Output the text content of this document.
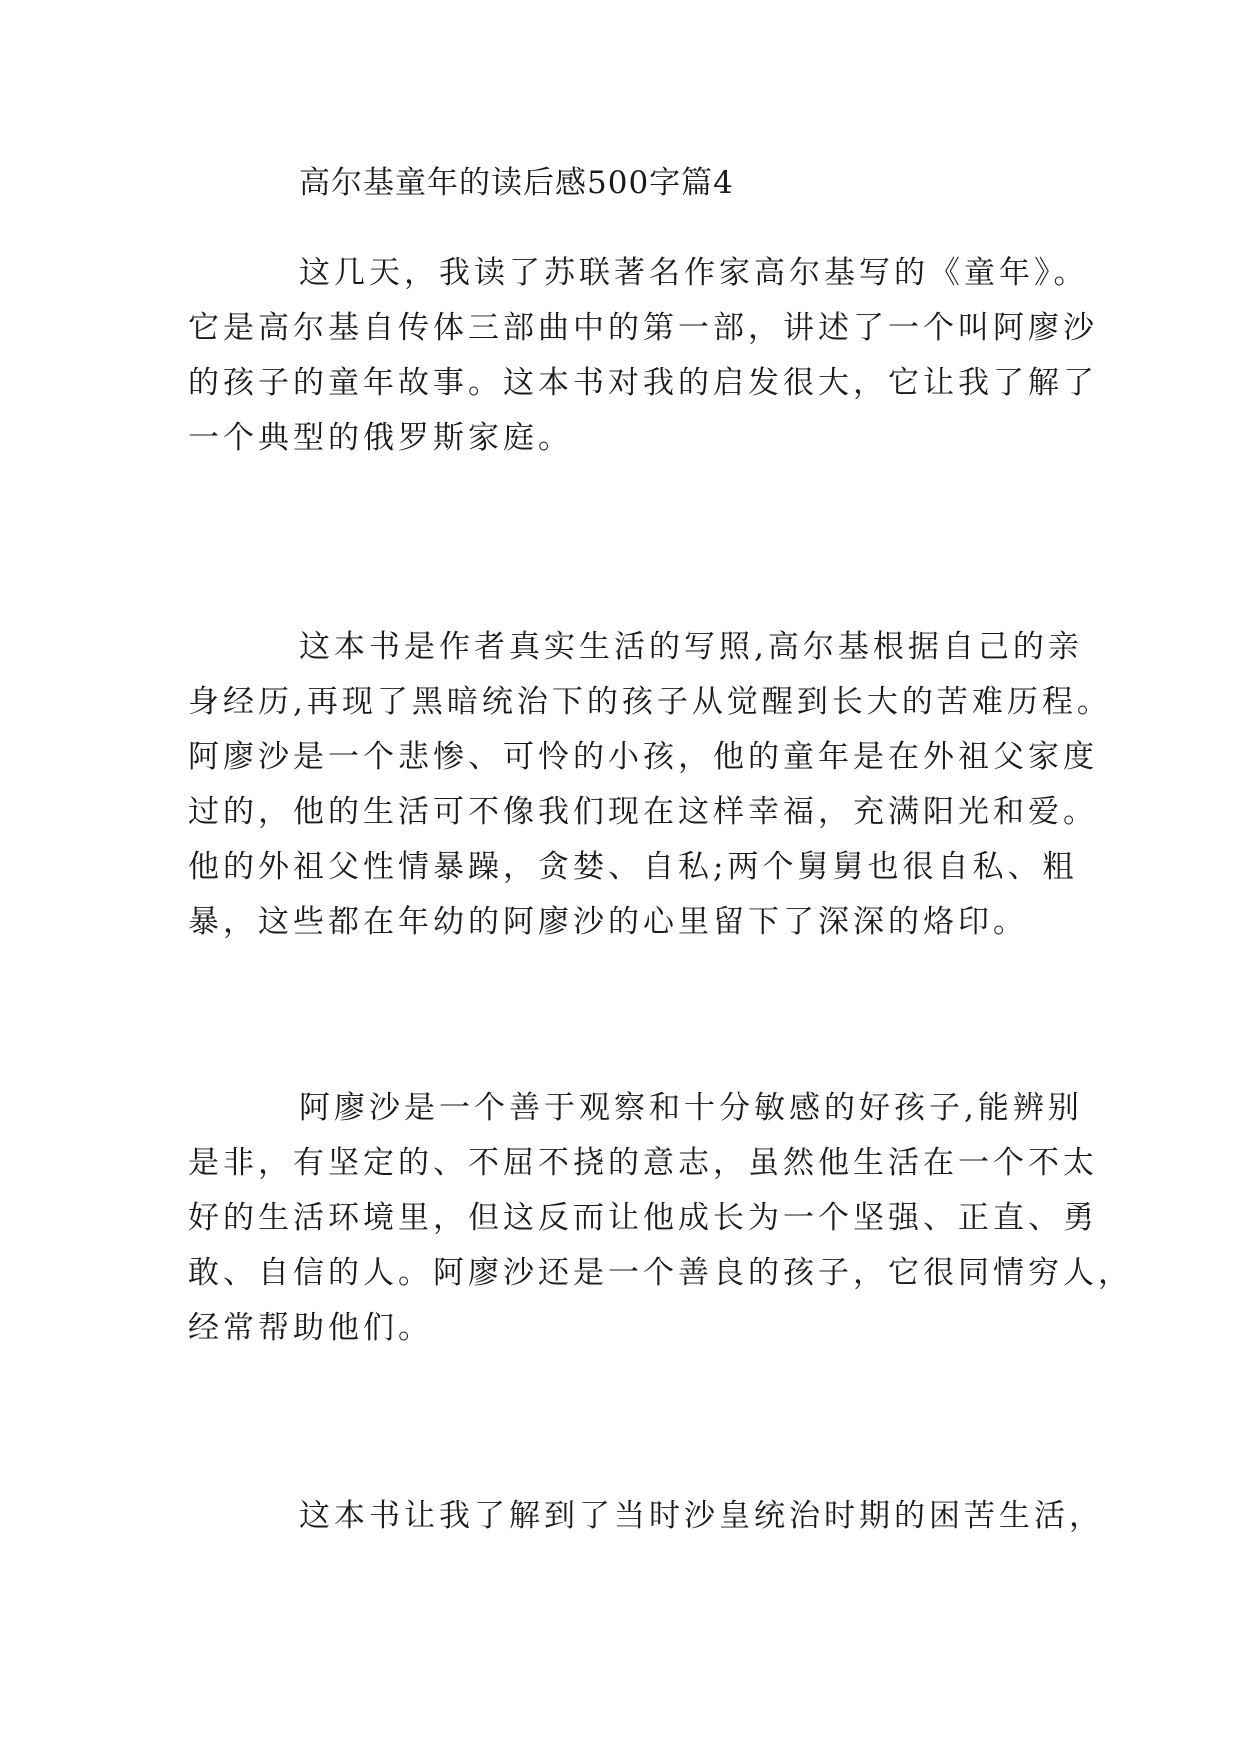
高尔基童年的读后感500字篇4
这几天，我读了苏联著名作家高尔基写的《童年》。
它是高尔基自传体三部曲中的第一部，讲述了一个叫阿廖沙
的孩子的童年故事。这本书对我的启发很大，它让我了解了
一个典型的俄罗斯家庭。
这本书是作者真实生活的写照,高尔基根据自己的亲
身经历,再现了黑暗统治下的孩子从觉醒到长大的苦难历程。
阿廖沙是一个悲惨、可怜的小孩，他的童年是在外祖父家度
过的，他的生活可不像我们现在这样幸福，充满阳光和爱。
他的外祖父性情暴躁，贪婪、自私;两个舅舅也很自私、粗
暴，这些都在年幼的阿廖沙的心里留下了深深的烙印。
阿廖沙是一个善于观察和十分敏感的好孩子,能辨别
是非，有坚定的、不屈不挠的意志，虽然他生活在一个不太
好的生活环境里，但这反而让他成长为一个坚强、正直、勇
敢、自信的人。阿廖沙还是一个善良的孩子，它很同情穷人，
经常帮助他们。
这本书让我了解到了当时沙皇统治时期的困苦生活，
